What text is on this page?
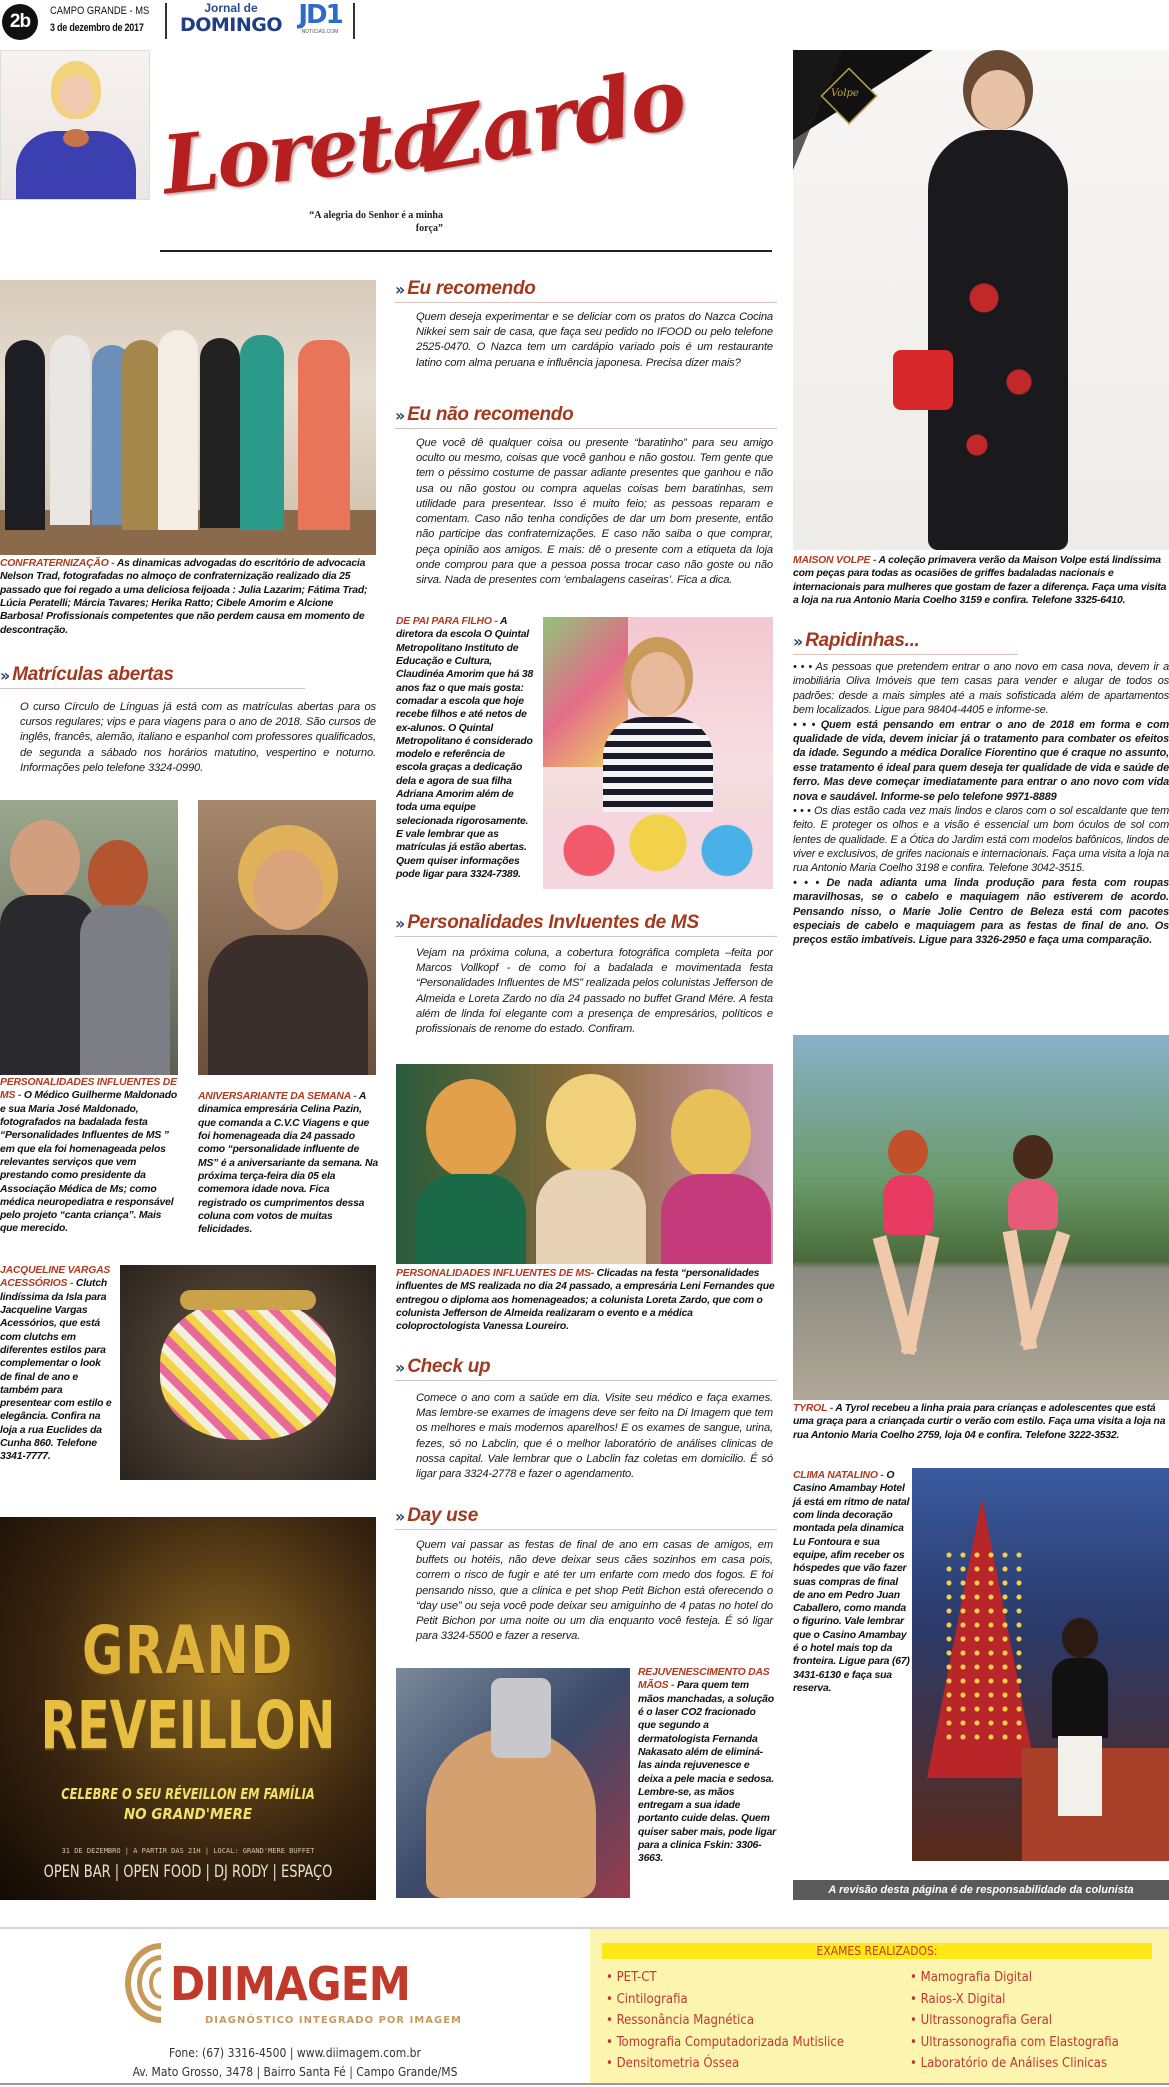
2b	CAMPO GRANDE - MS
3 de dezembro de 2017
Jornal de
DOMINGO JD1
NOTICIAS.COM
Loreta
Zardo
“A alegria do Senhor é a minha força”
CONFRATERNIZAÇÃO - As dinamicas advogadas do escritório de advocacia Nelson Trad, fotografadas no almoço de confraternização realizado dia 25 passado que foi regado a uma deliciosa feijoada : Julia Lazarim; Fátima Trad; Lúcia Peratelli; Márcia Tavares; Herika Ratto; Cibele Amorim e Alcione Barbosa! Profissionais competentes que não perdem causa em momento de descontração.
›› Matrículas abertas
O curso Círculo de Línguas já está com as matrículas abertas para os cursos regulares; vips e para viagens para o ano de 2018. São cursos de inglês, francês, alemão, italiano e espanhol com professores qualificados, de segunda a sábado nos horários matutino, vespertino e noturno. Informações pelo telefone 3324-0990.
PERSONALIDADES INFLUENTES DE MS - O Médico Guilherme Maldonado e sua Maria José Maldonado, fotografados na badalada festa “Personalidades Influentes de MS ” em que ela foi homenageada pelos relevantes serviços que vem prestando como presidente da Associação Médica de Ms; como médica neuropediatra e responsável pelo projeto “canta criança”. Mais que merecido.
ANIVERSARIANTE DA SEMANA - A dinamica empresária Celina Pazin, que comanda a C.V.C Viagens e que foi homenageada dia 24 passado como “personalidade influente de MS” é a aniversariante da semana. Na próxima terça-feira dia 05 ela comemora idade nova. Fica registrado os cumprimentos dessa coluna com votos de muitas felicidades.
JACQUELINE VARGAS ACESSÓRIOS - Clutch lindíssima da Isla para Jacqueline Vargas Acessórios, que está com clutchs em diferentes estilos para complementar o look de final de ano e também para presentear com estilo e elegância. Confira na loja a rua Euclides da Cunha 860. Telefone 3341-7777.
GRAND
REVEILLON
CELEBRE O SEU RÉVEILLON EM FAMÍLIA
NO GRAND'MERE
31 DE DEZEMBRO | A PARTIR DAS 21H | LOCAL: GRAND'MERE BUFFET
OPEN BAR | OPEN FOOD | DJ RODY | ESPAÇO
›› Eu recomendo
Quem deseja experimentar e se deliciar com os pratos do Nazca Cocina Nikkei sem sair de casa, que faça seu pedido no IFOOD ou pelo telefone 2525-0470. O Nazca tem um cardápio variado pois é um restaurante latino com alma peruana e influência japonesa. Precisa dizer mais?
›› Eu não recomendo
Que você dê qualquer coisa ou presente “baratinho” para seu amigo oculto ou mesmo, coisas que você ganhou e não gostou. Tem gente que tem o péssimo costume de passar adiante presentes que ganhou e não usa ou não gostou ou compra aquelas coisas bem baratinhas, sem utilidade para presentear. Isso é muito feio; as pessoas reparam e comentam. Caso não tenha condições de dar um bom presente, então não participe das confraternizações. E caso não saiba o que comprar, peça opinião aos amigos. E mais: dê o presente com a etiqueta da loja onde comprou para que a pessoa possa trocar caso não goste ou não sirva. Nada de presentes com ‘embalagens caseiras’. Fica a dica.
DE PAI PARA FILHO - A diretora da escola O Quintal Metropolitano Instituto de Educação e Cultura, Claudinéa Amorim que há 38 anos faz o que mais gosta: comadar a escola que hoje recebe filhos e até netos de ex-alunos. O Quintal Metropolitano é considerado modelo e referência de escola graças a dedicação dela e agora de sua filha Adriana Amorim além de toda uma equipe selecionada rigorosamente. E vale lembrar que as matrículas já estão abertas. Quem quiser informações pode ligar para 3324-7389.
›› Personalidades Invluentes de MS
Vejam na próxima coluna, a cobertura fotográfica completa –feita por Marcos Vollkopf - de como foi a badalada e movimentada festa “Personalidades Influentes de MS” realizada pelos colunistas Jefferson de Almeida e Loreta Zardo no dia 24 passado no buffet Grand Mére. A festa além de linda foi elegante com a presença de empresários, políticos e profissionais de renome do estado. Confiram.
PERSONALIDADES INFLUENTES DE MS- Clicadas na festa “personalidades influentes de MS realizada no dia 24 passado, a empresária Leni Fernandes que entregou o diploma aos homenageados; a colunista Loreta Zardo, que com o colunista Jefferson de Almeida realizaram o evento e a médica coloproctologista Vanessa Loureiro.
›› Check up
Comece o ano com a saúde em dia. Visite seu médico e faça exames. Mas lembre-se exames de imagens deve ser feito na Di Imagem que tem os melhores e mais modernos aparelhos! E os exames de sangue, urina, fezes, só no Labclin, que é o melhor laboratório de análises clinicas de nossa capital. Vale lembrar que o Labclin faz coletas em domicilio. É só ligar para 3324-2778 e fazer o agendamento.
›› Day use
Quem vai passar as festas de final de ano em casas de amigos, em buffets ou hotéis, não deve deixar seus cães sozinhos em casa pois, correm o risco de fugir e até ter um enfarte com medo dos fogos. E foi pensando nisso, que a clinica e pet shop Petit Bichon está oferecendo o “day use” ou seja você pode deixar seu amiguinho de 4 patas no hotel do Petit Bichon por uma noite ou um dia enquanto você festeja. É só ligar para 3324-5500 e fazer a reserva.
REJUVENESCIMENTO DAS MÃOS - Para quem tem mãos manchadas, a solução é o laser CO2 fracionado que segundo a dermatologista Fernanda Nakasato além de eliminá-las ainda rejuvenesce e deixa a pele macia e sedosa. Lembre-se, as mãos entregam a sua idade portanto cuide delas. Quem quiser saber mais, pode ligar para a clinica Fskin: 3306-3663.
Volpe
MAISON VOLPE - A coleção primavera verão da Maison Volpe está lindíssima com peças para todas as ocasiões de griffes badaladas nacionais e internacionais para mulheres que gostam de fazer a diferença. Faça uma visita a loja na rua Antonio Maria Coelho 3159 e confira. Telefone 3325-6410.
›› Rapidinhas...

• • • As pessoas que pretendem entrar o ano novo em casa nova, devem ir a imobiliária Oliva Imóveis que tem casas para vender e alugar de todos os padrões: desde a mais simples até a mais sofisticada além de apartamentos bem localizados. Ligue para 98404-4405 e informe-se.

• • • Quem está pensando em entrar o ano de 2018 em forma e com qualidade de vida, devem iniciar já o tratamento para combater os efeitos da idade. Segundo a médica Doralice Fiorentino que é craque no assunto, esse tratamento é ideal para quem deseja ter qualidade de vida e saúde de ferro. Mas deve começar imediatamente para entrar o ano novo com vida nova e saudável. Informe-se pelo telefone 9971-8889

• • • Os dias estão cada vez mais lindos e claros com o sol escaldante que tem feito. E proteger os olhos e a visão é essencial um bom óculos de sol com lentes de qualidade. E a Ótica do Jardim está com modelos bafônicos, lindos de viver e exclusivos, de grifes nacionais e internacionais. Faça uma visita a loja na rua Antonio Maria Coelho 3198 e confira. Telefone 3042-3515.

• • • De nada adianta uma linda produção para festa com roupas maravilhosas, se o cabelo e maquiagem não estiverem de acordo. Pensando nisso, o Marie Jolie Centro de Beleza está com pacotes especiais de cabelo e maquiagem para as festas de final de ano. Os preços estão imbatíveis. Ligue para 3326-2950 e faça uma comparação.

TYROL - A Tyrol recebeu a linha praia para crianças e adolescentes que está uma graça para a criançada curtir o verão com estilo. Faça uma visita a loja na rua Antonio Maria Coelho 2759, loja 04 e confira. Telefone 3222-3532.
CLIMA NATALINO - O Casino Amambay Hotel já está em ritmo de natal com linda decoração montada pela dinamica Lu Fontoura e sua equipe, afim receber os hóspedes que vão fazer suas compras de final de ano em Pedro Juan Caballero, como manda o figurino. Vale lembrar que o Casino Amambay é o hotel mais top da fronteira. Ligue para (67) 3431-6130 e faça sua reserva.
A revisão desta página é de responsabilidade da colunista
DIIMAGEM
DIAGNÓSTICO INTEGRADO POR IMAGEM
Fone: (67) 3316-4500 | www.diimagem.com.br
Av. Mato Grosso, 3478 | Bairro Santa Fé | Campo Grande/MS
EXAMES REALIZADOS:
• PET-CT
• Cintilografia
• Ressonância Magnética
• Tomografia Computadorizada Mutislice
• Densitometria Óssea
• Mamografia Digital
• Raios-X Digital
• Ultrassonografia Geral
• Ultrassonografia com Elastografia
• Laboratório de Análises Clinicas
